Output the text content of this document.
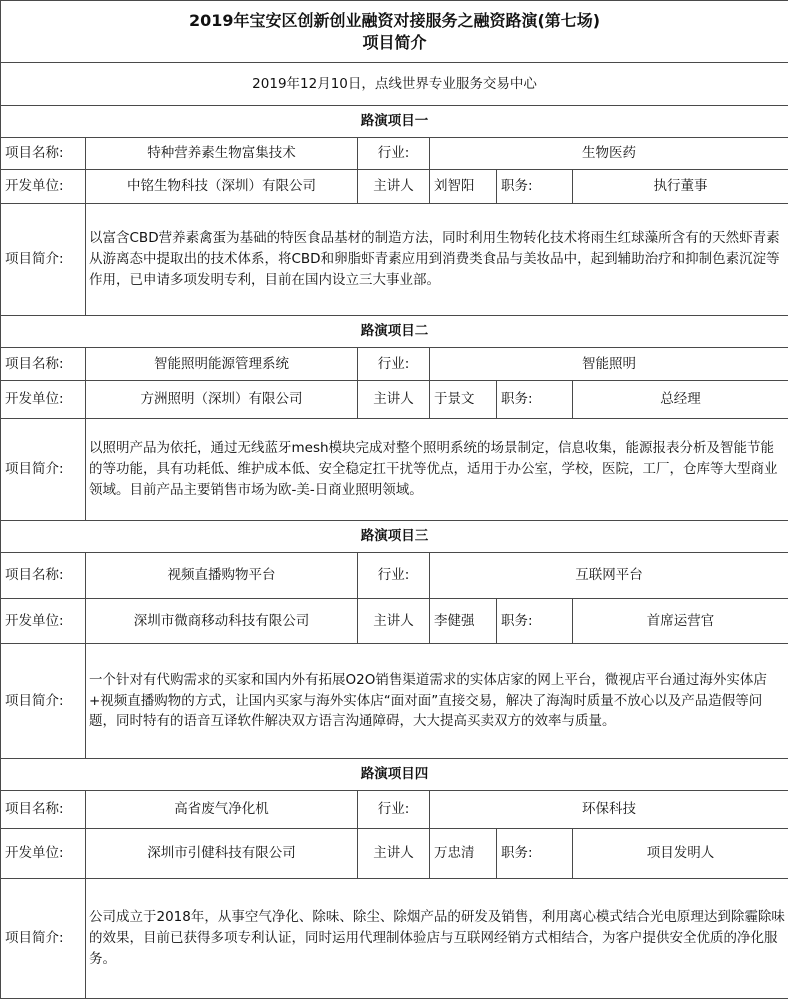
2019年宝安区创新创业融资对接服务之融资路演(第七场)
项目简介					

2019年12月10日，点线世界专业服务交易中心					
路演项目一					
项目名称:	特种营养素生物富集技术	行业:	生物医药		
开发单位:	中铭生物科技（深圳）有限公司	主讲人	刘智阳	职务:	执行董事
项目简介:	以富含CBD营养素禽蛋为基础的特医食品基材的制造方法，同时利用生物转化技术将雨生红球藻所含有的天然虾青素从游离态中提取出的技术体系，将CBD和卵脂虾青素应用到消费类食品与美妆品中，起到辅助治疗和抑制色素沉淀等作用，已申请多项发明专利，目前在国内设立三大事业部。				
路演项目二					
项目名称:	智能照明能源管理系统	行业:	智能照明		
开发单位:	方洲照明（深圳）有限公司	主讲人	于景文	职务:	总经理
项目简介:	以照明产品为依托，通过无线蓝牙mesh模块完成对整个照明系统的场景制定，信息收集，能源报表分析及智能节能的等功能，具有功耗低、维护成本低、安全稳定扛干扰等优点，适用于办公室，学校，医院，工厂，仓库等大型商业领域。目前产品主要销售市场为欧-美-日商业照明领域。				
路演项目三					
项目名称:	视频直播购物平台	行业:	互联网平台		
开发单位:	深圳市微商移动科技有限公司	主讲人	李健强	职务:	首席运营官
项目简介:	一个针对有代购需求的买家和国内外有拓展O2O销售渠道需求的实体店家的网上平台，微视店平台通过海外实体店+视频直播购物的方式，让国内买家与海外实体店“面对面”直接交易，解决了海淘时质量不放心以及产品造假等问题，同时特有的语音互译软件解决双方语言沟通障碍，大大提高买卖双方的效率与质量。				
路演项目四					
项目名称:	高省废气净化机	行业:	环保科技		
开发单位:	深圳市引健科技有限公司	主讲人	万忠清	职务:	项目发明人
项目简介:	公司成立于2018年，从事空气净化、除味、除尘、除烟产品的研发及销售，利用离心模式结合光电原理达到除霾除味的效果，目前已获得多项专利认证，同时运用代理制体验店与互联网经销方式相结合，为客户提供安全优质的净化服务。				
